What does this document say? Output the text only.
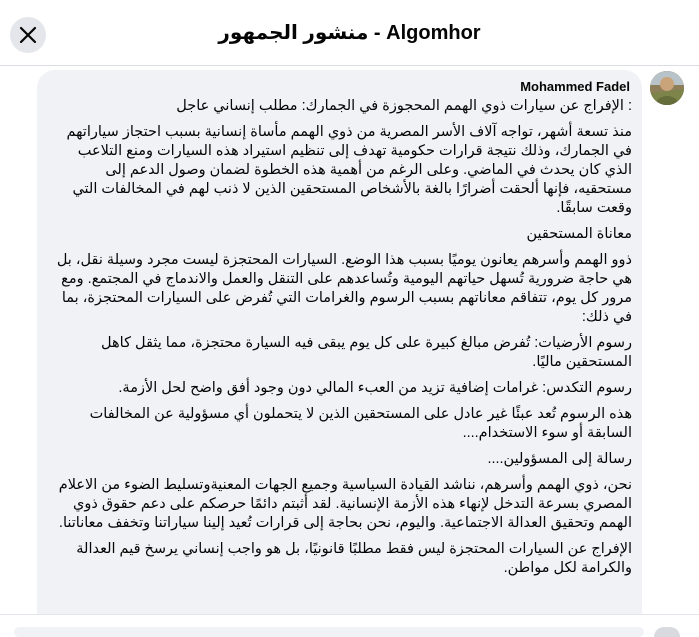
منشور الجمهور - Algomhor
Mohammed Fadel

: الإفراج عن سيارات ذوي الهمم المحجوزة في الجمارك: مطلب إنساني عاجل

منذ تسعة أشهر، تواجه آلاف الأسر المصرية من ذوي الهمم مأساة إنسانية بسبب احتجاز سياراتهم في الجمارك، وذلك نتيجة قرارات حكومية تهدف إلى تنظيم استيراد هذه السيارات ومنع التلاعب الذي كان يحدث في الماضي. وعلى الرغم من أهمية هذه الخطوة لضمان وصول الدعم إلى مستحقيه، فإنها ألحقت أضرارًا بالغة بالأشخاص المستحقين الذين لا ذنب لهم في المخالفات التي وقعت سابقًا.

معاناة المستحقين

ذوو الهمم وأسرهم يعانون يوميًا بسبب هذا الوضع. السيارات المحتجزة ليست مجرد وسيلة نقل، بل هي حاجة ضرورية تُسهل حياتهم اليومية وتُساعدهم على التنقل والعمل والاندماج في المجتمع. ومع مرور كل يوم، تتفاقم معاناتهم بسبب الرسوم والغرامات التي تُفرض على السيارات المحتجزة، بما في ذلك:

رسوم الأرضيات: تُفرض مبالغ كبيرة على كل يوم يبقى فيه السيارة محتجزة، مما يثقل كاهل المستحقين ماليًا.

رسوم التكدس: غرامات إضافية تزيد من العبء المالي دون وجود أفق واضح لحل الأزمة.

هذه الرسوم تُعد عبئًا غير عادل على المستحقين الذين لا يتحملون أي مسؤولية عن المخالفات السابقة أو سوء الاستخدام....

رسالة إلى المسؤولين....

نحن، ذوي الهمم وأسرهم، نناشد القيادة السياسية وجميع الجهات المعنيةوتسليط الضوء من الاعلام المصري بسرعة التدخل لإنهاء هذه الأزمة الإنسانية. لقد أثبتم دائمًا حرصكم على دعم حقوق ذوي الهمم وتحقيق العدالة الاجتماعية. واليوم، نحن بحاجة إلى قرارات تُعيد إلينا سياراتنا وتخفف معاناتنا.

الإفراج عن السيارات المحتجزة ليس فقط مطلبًا قانونيًا، بل هو واجب إنساني يرسخ قيم العدالة والكرامة لكل مواطن.
